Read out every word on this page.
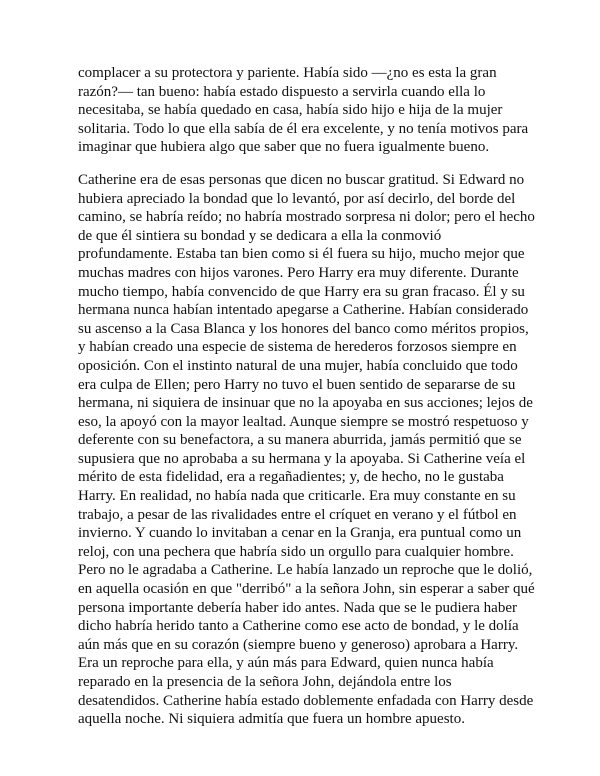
complacer a su protectora y pariente. Había sido —¿no es esta la gran
razón?— tan bueno: había estado dispuesto a servirla cuando ella lo
necesitaba, se había quedado en casa, había sido hijo e hija de la mujer
solitaria. Todo lo que ella sabía de él era excelente, y no tenía motivos para
imaginar que hubiera algo que saber que no fuera igualmente bueno.

Catherine era de esas personas que dicen no buscar gratitud. Si Edward no
hubiera apreciado la bondad que lo levantó, por así decirlo, del borde del
camino, se habría reído; no habría mostrado sorpresa ni dolor; pero el hecho
de que él sintiera su bondad y se dedicara a ella la conmovió
profundamente. Estaba tan bien como si él fuera su hijo, mucho mejor que
muchas madres con hijos varones. Pero Harry era muy diferente. Durante
mucho tiempo, había convencido de que Harry era su gran fracaso. Él y su
hermana nunca habían intentado apegarse a Catherine. Habían considerado
su ascenso a la Casa Blanca y los honores del banco como méritos propios,
y habían creado una especie de sistema de herederos forzosos siempre en
oposición. Con el instinto natural de una mujer, había concluido que todo
era culpa de Ellen; pero Harry no tuvo el buen sentido de separarse de su
hermana, ni siquiera de insinuar que no la apoyaba en sus acciones; lejos de
eso, la apoyó con la mayor lealtad. Aunque siempre se mostró respetuoso y
deferente con su benefactora, a su manera aburrida, jamás permitió que se
supusiera que no aprobaba a su hermana y la apoyaba. Si Catherine veía el
mérito de esta fidelidad, era a regañadientes; y, de hecho, no le gustaba
Harry. En realidad, no había nada que criticarle. Era muy constante en su
trabajo, a pesar de las rivalidades entre el críquet en verano y el fútbol en
invierno. Y cuando lo invitaban a cenar en la Granja, era puntual como un
reloj, con una pechera que habría sido un orgullo para cualquier hombre.
Pero no le agradaba a Catherine. Le había lanzado un reproche que le dolió,
en aquella ocasión en que "derribó" a la señora John, sin esperar a saber qué
persona importante debería haber ido antes. Nada que se le pudiera haber
dicho habría herido tanto a Catherine como ese acto de bondad, y le dolía
aún más que en su corazón (siempre bueno y generoso) aprobara a Harry.
Era un reproche para ella, y aún más para Edward, quien nunca había
reparado en la presencia de la señora John, dejándola entre los
desatendidos. Catherine había estado doblemente enfadada con Harry desde
aquella noche. Ni siquiera admitía que fuera un hombre apuesto.
